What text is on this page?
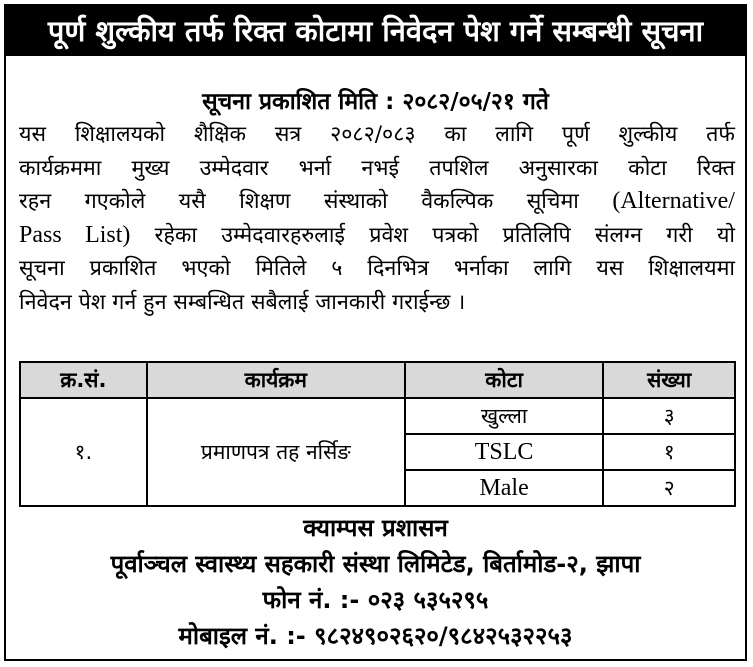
पूर्ण शुल्कीय तर्फ रिक्त कोटामा निवेदन पेश गर्ने सम्बन्धी सूचना
सूचना प्रकाशित मिति : २०८२/०५/२१ गते
यस शिक्षालयको शैक्षिक सत्र २०८२/०८३ का लागि पूर्ण शुल्कीय तर्फ
कार्यक्रममा मुख्य उम्मेदवार भर्ना नभई तपशिल अनुसारका कोटा रिक्त
रहन गएकोले यसै शिक्षण संस्थाको वैकल्पिक सूचिमा (Alternative/
Pass List) रहेका उम्मेदवारहरुलाई प्रवेश पत्रको प्रतिलिपि संलग्न गरी यो
सूचना प्रकाशित भएको मितिले ५ दिनभित्र भर्नाका लागि यस शिक्षालयमा
निवेदन पेश गर्न हुन सम्बन्धित सबैलाई जानकारी गराईन्छ ।
क्र.सं.	कार्यक्रम	कोटा	संख्या
१.	प्रमाणपत्र तह नर्सिङ	खुल्ला	३
		TSLC	१
		Male	२
क्याम्पस प्रशासन
पूर्वाञ्चल स्वास्थ्य सहकारी संस्था लिमिटेड, बिर्तामोड-२, झापा
फोन नं. :- ०२३ ५३५२९५
मोबाइल नं. :- ९८२४९०२६२०/९८४२५३२२५३
